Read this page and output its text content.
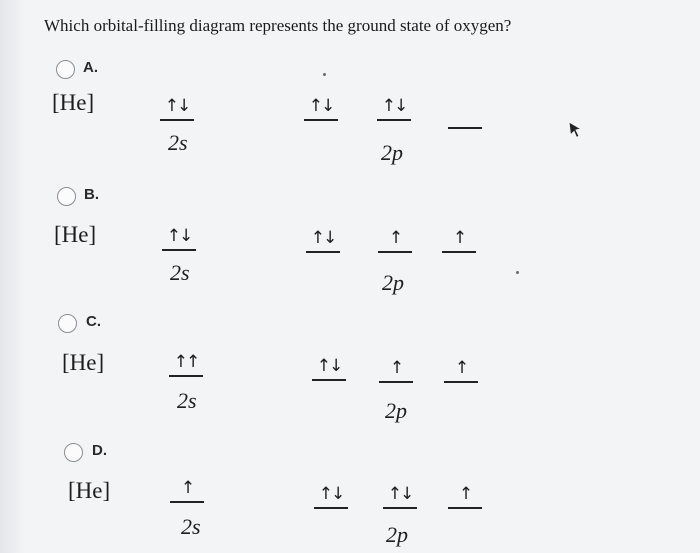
Which orbital-filling diagram represents the ground state of oxygen?
A.
[He]	↑↓
2s
↑↓	↑↓
2p
B.
[He]	↑↓
2s
↑↓	↑	↑
2p
C.
[He]	↑↑
2s
↑↓	↑	↑
2p
D.
[He]	↑
2s
↑↓	↑↓	↑
2p
